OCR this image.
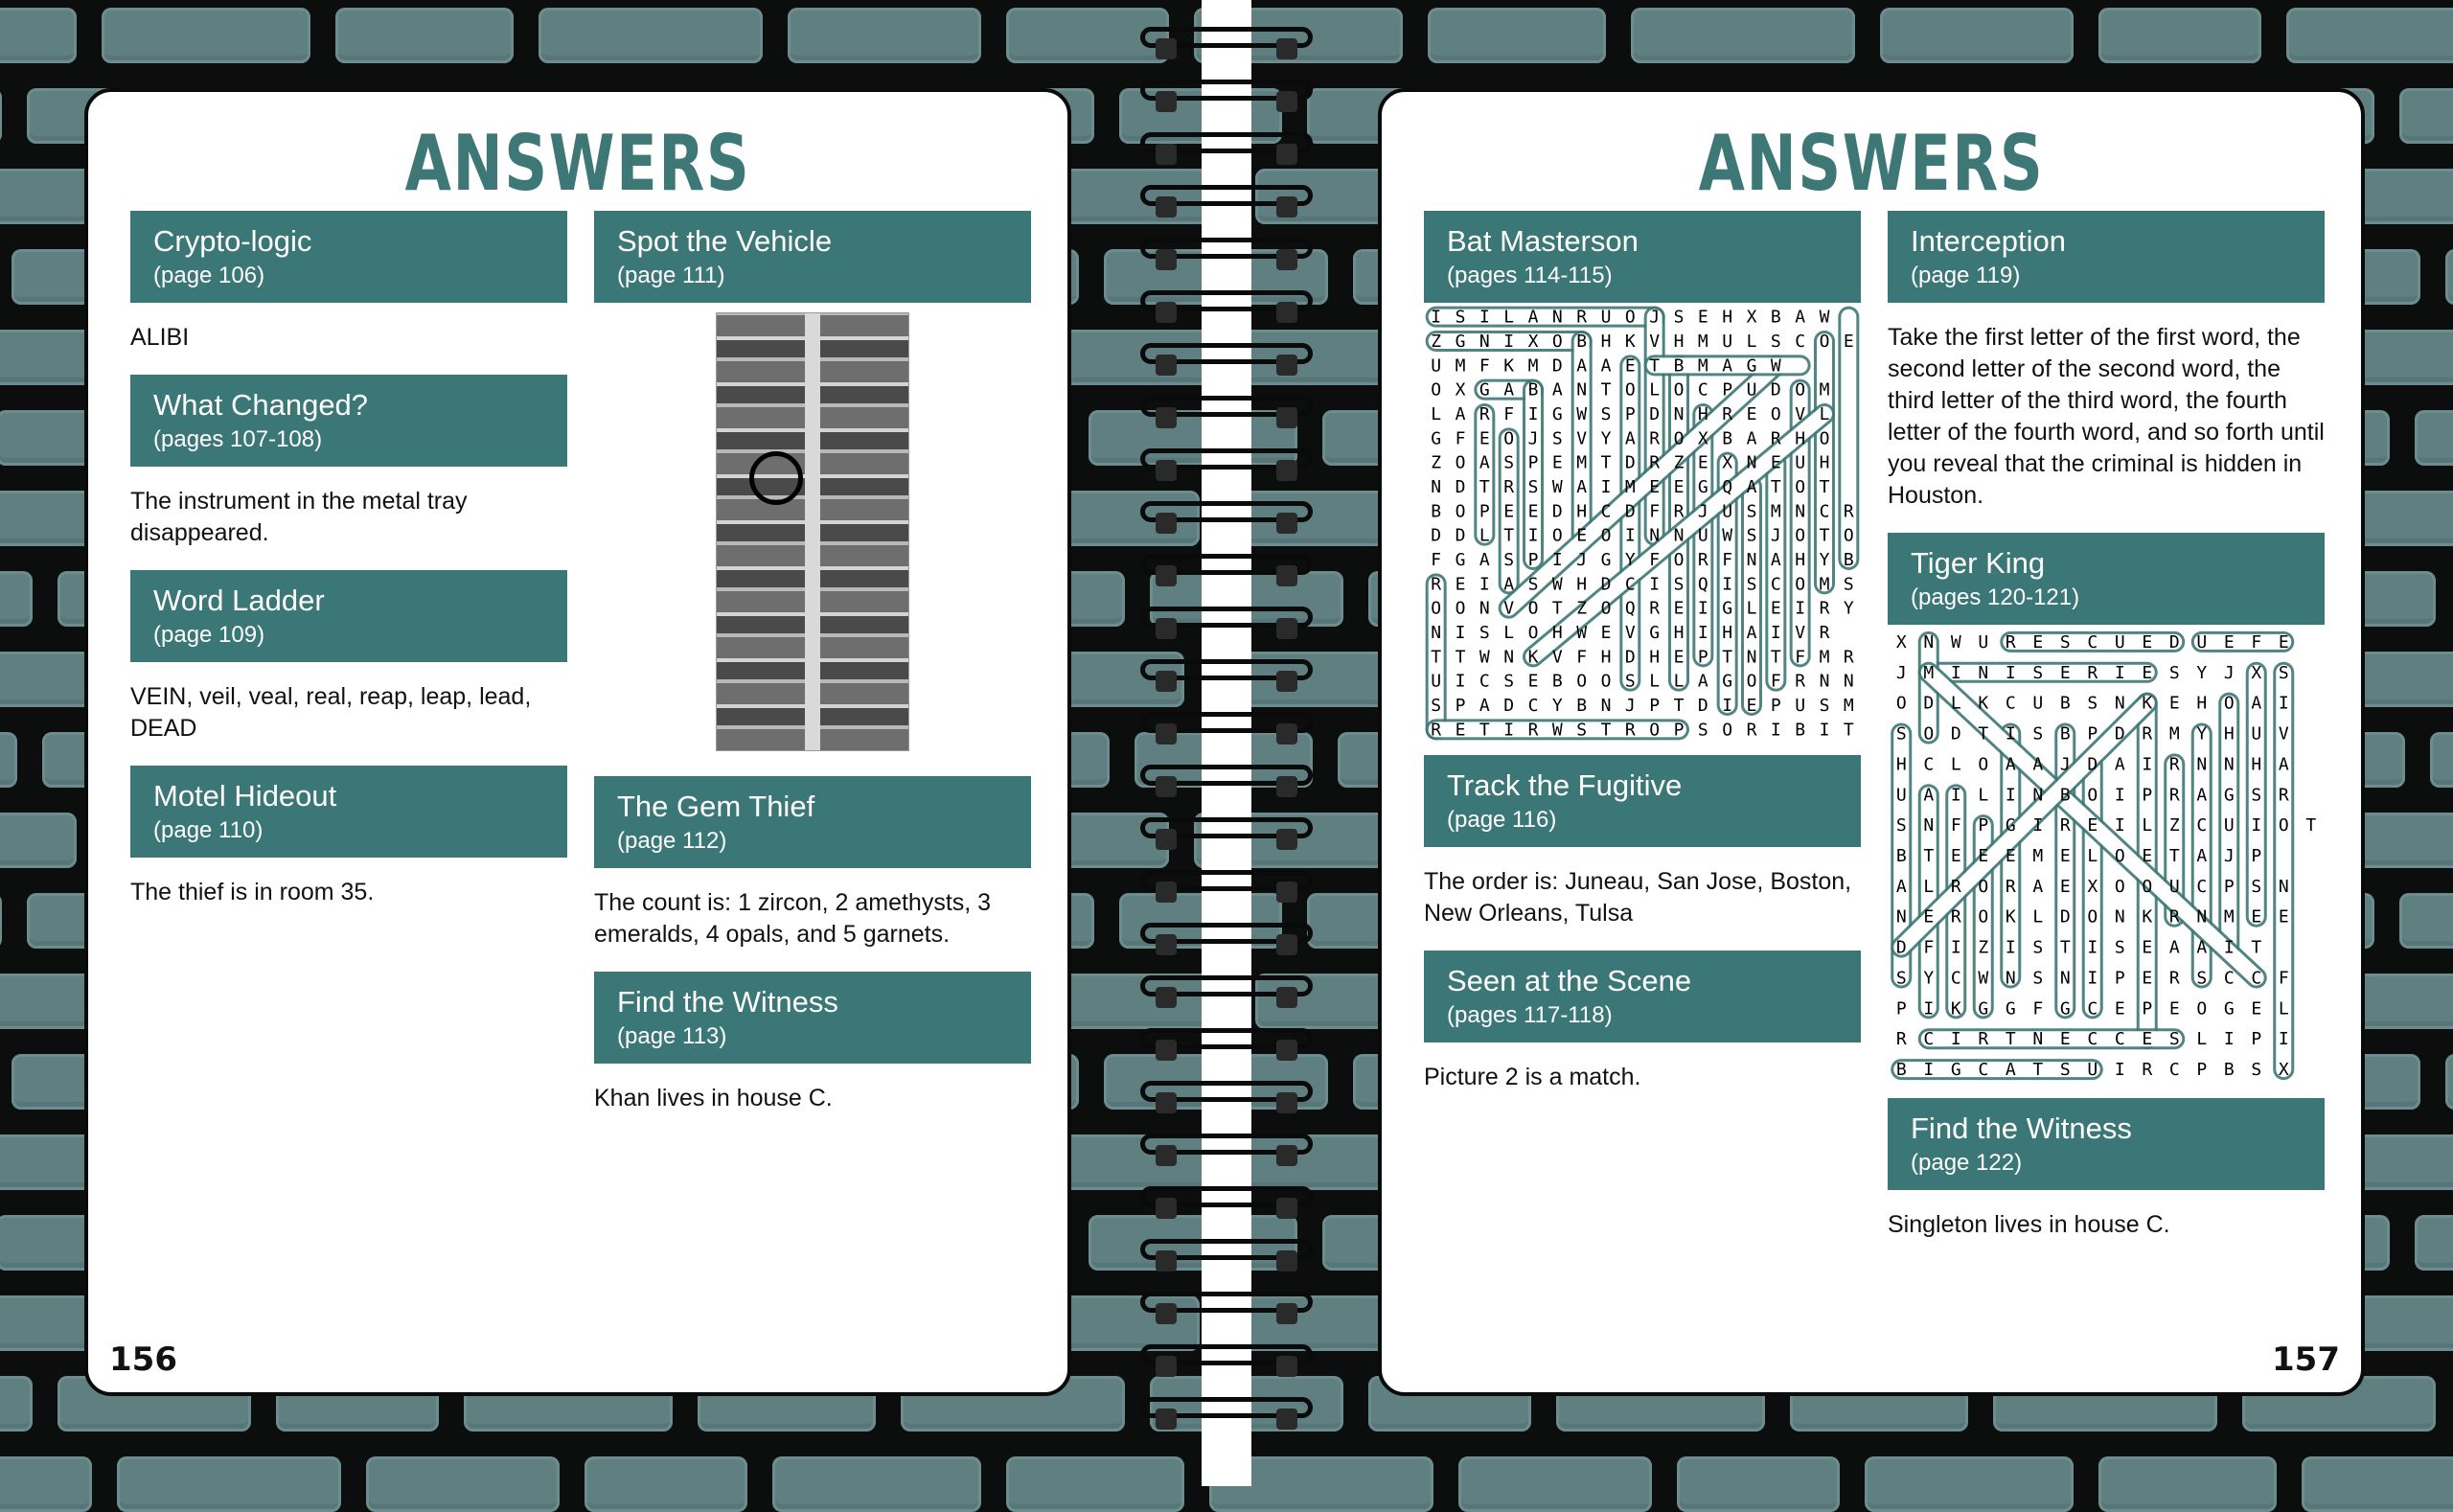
ANSWERS
Crypto-logic
(page 106)
ALIBI
What Changed?
(pages 107-108)
The instrument in the metal tray disappeared.
Word Ladder
(page 109)
VEIN, veil, veal, real, reap, leap, lead, DEAD
Motel Hideout
(page 110)
The thief is in room 35.
Spot the Vehicle
(page 111)
The Gem Thief
(page 112)
The count is: 1 zircon, 2 amethysts, 3 emeralds, 4 opals, and 5 garnets.
Find the Witness
(page 113)
Khan lives in house C.
156
ANSWERS
Bat Masterson
(pages 114-115)
I S I L A N R U O J S E H X B A W
Z G N I X O B H K V H M U L S C O E
U M F K M D A A E T B M A G W
O X G A B A N T O L O C P U D O M
L A R F I G W S P D N H R E O V L
G F E O J S V Y A R O X B A R H O
Z O A S P E M T D R Z E X N E U H
N D T R S W A I M E E G Q A T O T
B O P E E D H C D F R J U S M N C R
D D L T I O E O I N N U W S J O T O
F G A S P I J G Y F O R F N A H Y B
R E I A S W H D C I S Q I S C O M S
O O N V O T Z O Q R E I G L E I R Y
N I S L O H W E V G H I H A I V R
T T W N K V F H D H E P T N T F M R
U I C S E B O O S L L A G O F R N N
S P A D C Y B N J P T D I E P U S M
R E T I R W S T R O P S O R I B I T
Track the Fugitive
(page 116)
The order is: Juneau, San Jose, Boston, New Orleans, Tulsa
Seen at the Scene
(pages 117-118)
Picture 2 is a match.
Interception
(page 119)
Take the first letter of the first word, the second letter of the second word, the third letter of the third word, the fourth letter of the fourth word, and so forth until you reveal that the criminal is hidden in Houston.
Tiger King
(pages 120-121)
X N W U R E S C U E D U E F E
J M I N I S E R I E S Y J X S
O D L K C U B S N K E H O A I
S O D T I S B P D R M Y H U V
H C L O A A J D A I R N N H A
U A I L I N B O I P R A G S R
S N F P G I R E I L Z C U I O T
B T E E E M E L O E T A J P
A L R O R A E X O O U C P S N
N E R O K L D O N K R N M E E
D F I Z I S T I S E A A I T
S Y C W N S N I P E R S C C F
P I K G G F G C E P E O G E L
R C I R T N E C C E S L I P I
B I G C A T S U I R C P B S X
Find the Witness
(page 122)
Singleton lives in house C.
157
